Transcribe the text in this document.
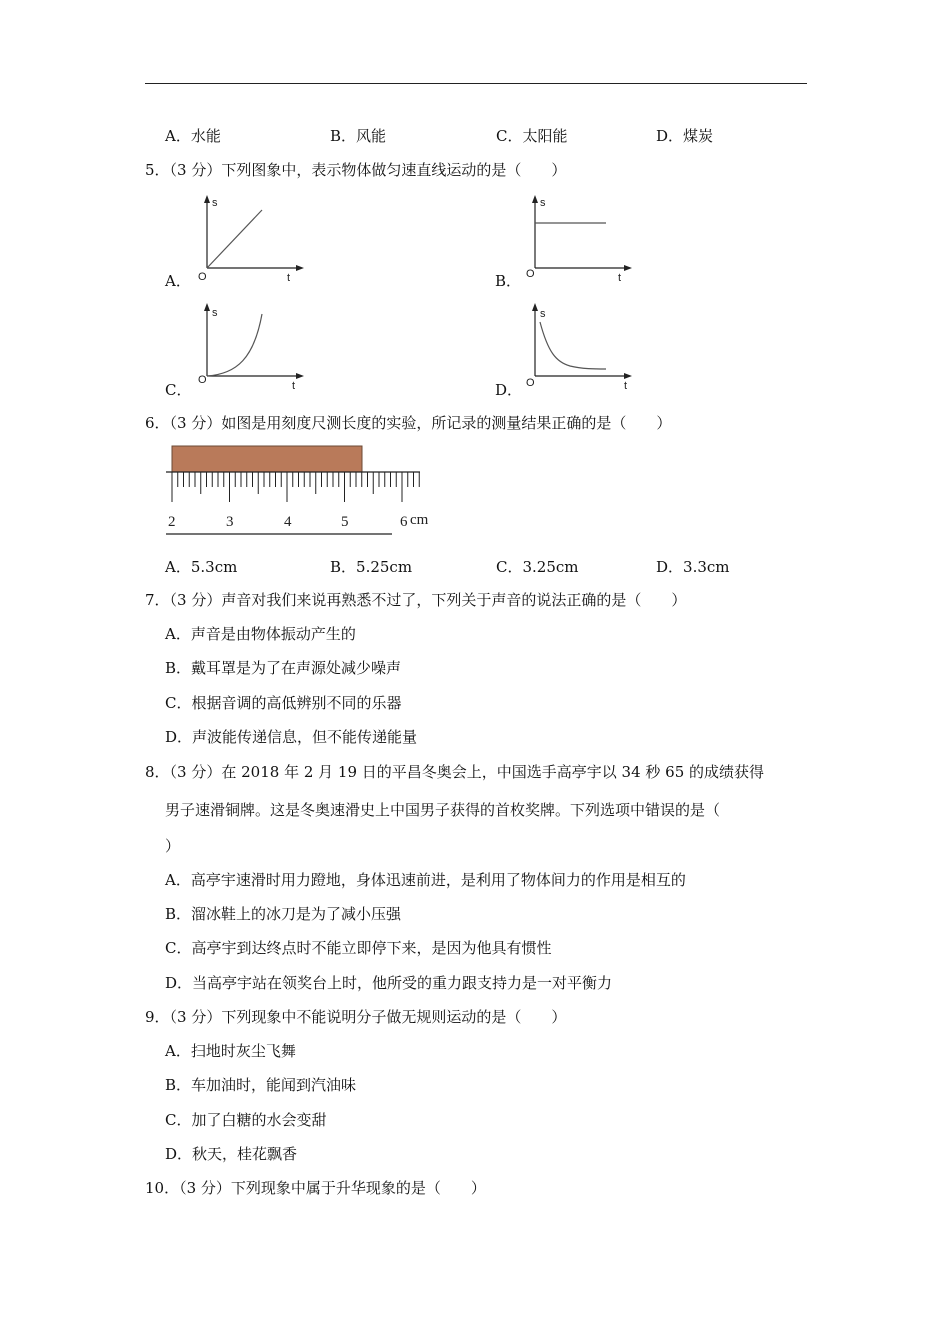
A．水能	B．风能	C．太阳能	D．煤炭
5．（3 分）下列图象中，表示物体做匀速直线运动的是（　　）
A．	B．
C．	D．
s
O	t
s
O	t
s
O	t
s
O	t
6．（3 分）如图是用刻度尺测长度的实验，所记录的测量结果正确的是（　　）
2	3	4	5	6 cm
A．5.3cm	B．5.25cm	C．3.25cm	D．3.3cm
7．（3 分）声音对我们来说再熟悉不过了，下列关于声音的说法正确的是（　　）
A．声音是由物体振动产生的
B．戴耳罩是为了在声源处减少噪声
C．根据音调的高低辨别不同的乐器
D．声波能传递信息，但不能传递能量
8．（3 分）在 2018 年 2 月 19 日的平昌冬奥会上，中国选手高亭宇以 34 秒 65 的成绩获得
男子速滑铜牌。这是冬奥速滑史上中国男子获得的首枚奖牌。下列选项中错误的是（
）
A．高亭宇速滑时用力蹬地，身体迅速前进，是利用了物体间力的作用是相互的
B．溜冰鞋上的冰刀是为了减小压强
C．高亭宇到达终点时不能立即停下来，是因为他具有惯性
D．当高亭宇站在领奖台上时，他所受的重力跟支持力是一对平衡力
9．（3 分）下列现象中不能说明分子做无规则运动的是（　　）
A．扫地时灰尘飞舞
B．车加油时，能闻到汽油味
C．加了白糖的水会变甜
D．秋天，桂花飘香
10．（3 分）下列现象中属于升华现象的是（　　）
